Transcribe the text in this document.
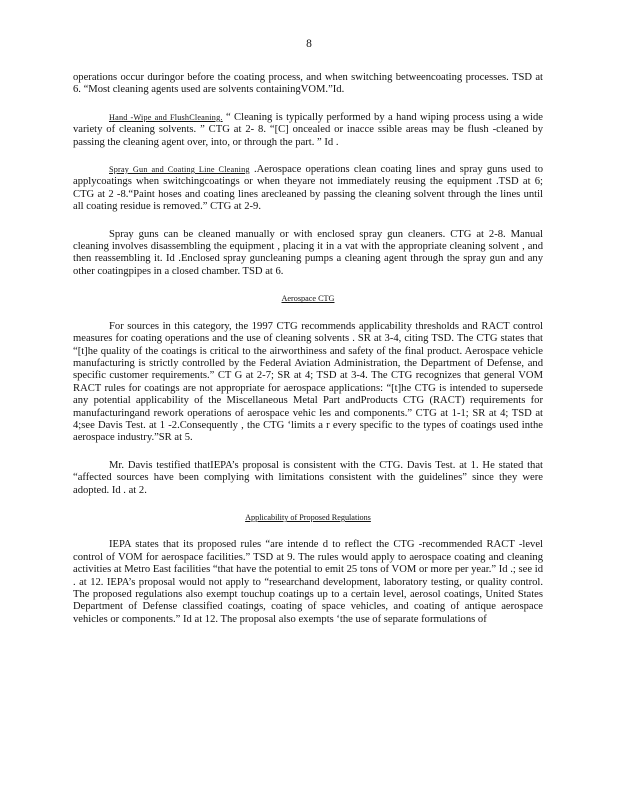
8

operations occur duringor before the coating process, and when switching betweencoating processes. TSD at 6. “Most cleaning agents used are solvents containingVOM.”Id.

Hand -Wipe and FlushCleaning. “ Cleaning is typically performed by a hand wiping process using a wide variety of cleaning solvents. ” CTG at 2- 8. “[C] oncealed or inacce ssible areas may be flush -cleaned by passing the cleaning agent over, into, or through the part. ” Id .

Spray Gun and Coating Line Cleaning .Aerospace operations clean coating lines and spray guns used to applycoatings when switchingcoatings or when theyare not immediately reusing the equipment .TSD at 6; CTG at 2 -8.“Paint hoses and coating lines arecleaned by passing the cleaning solvent through the lines until all coating residue is removed.” CTG at 2-9.

Spray guns can be cleaned manually or with enclosed spray gun cleaners. CTG at 2-8. Manual cleaning involves disassembling the equipment , placing it in a vat with the appropriate cleaning solvent , and then reassembling it. Id .Enclosed spray guncleaning pumps a cleaning agent through the spray gun and any other coatingpipes in a closed chamber. TSD at 6.

Aerospace CTG

For sources in this category, the 1997 CTG recommends applicability thresholds and RACT control measures for coating operations and the use of cleaning solvents . SR at 3-4, citing TSD. The CTG states that “[t]he quality of the coatings is critical to the airworthiness and safety of the final product. Aerospace vehicle manufacturing is strictly controlled by the Federal Aviation Administration, the Department of Defense, and specific customer requirements.” CT G at 2-7; SR at 4; TSD at 3-4. The CTG recognizes that general VOM RACT rules for coatings are not appropriate for aerospace applications: “[t]he CTG is intended to supersede any potential applicability of the Miscellaneous Metal Part andProducts CTG (RACT) requirements for manufacturingand rework operations of aerospace vehic les and components.” CTG at 1-1; SR at 4; TSD at 4;see Davis Test. at 1 -2.Consequently , the CTG ‘limits a r every specific to the types of coatings used inthe aerospace industry.”SR at 5.

Mr. Davis testified thatIEPA’s proposal is consistent with the CTG. Davis Test. at 1. He stated that “affected sources have been complying with limitations consistent with the guidelines” since they were adopted. Id . at 2.

Applicability of Proposed Regulations

IEPA states that its proposed rules “are intende d to reflect the CTG -recommended RACT -level control of VOM for aerospace facilities.” TSD at 9. The rules would apply to aerospace coating and cleaning activities at Metro East facilities “that have the potential to emit 25 tons of VOM or more per year.” Id .; see id . at 12. IEPA’s proposal would not apply to “researchand development, laboratory testing, or quality control. The proposed regulations also exempt touchup coatings up to a certain level, aerosol coatings, United States Department of Defense classified coatings, coating of space vehicles, and coating of antique aerospace vehicles or components.” Id at 12. The proposal also exempts ‘the use of separate formulations of
